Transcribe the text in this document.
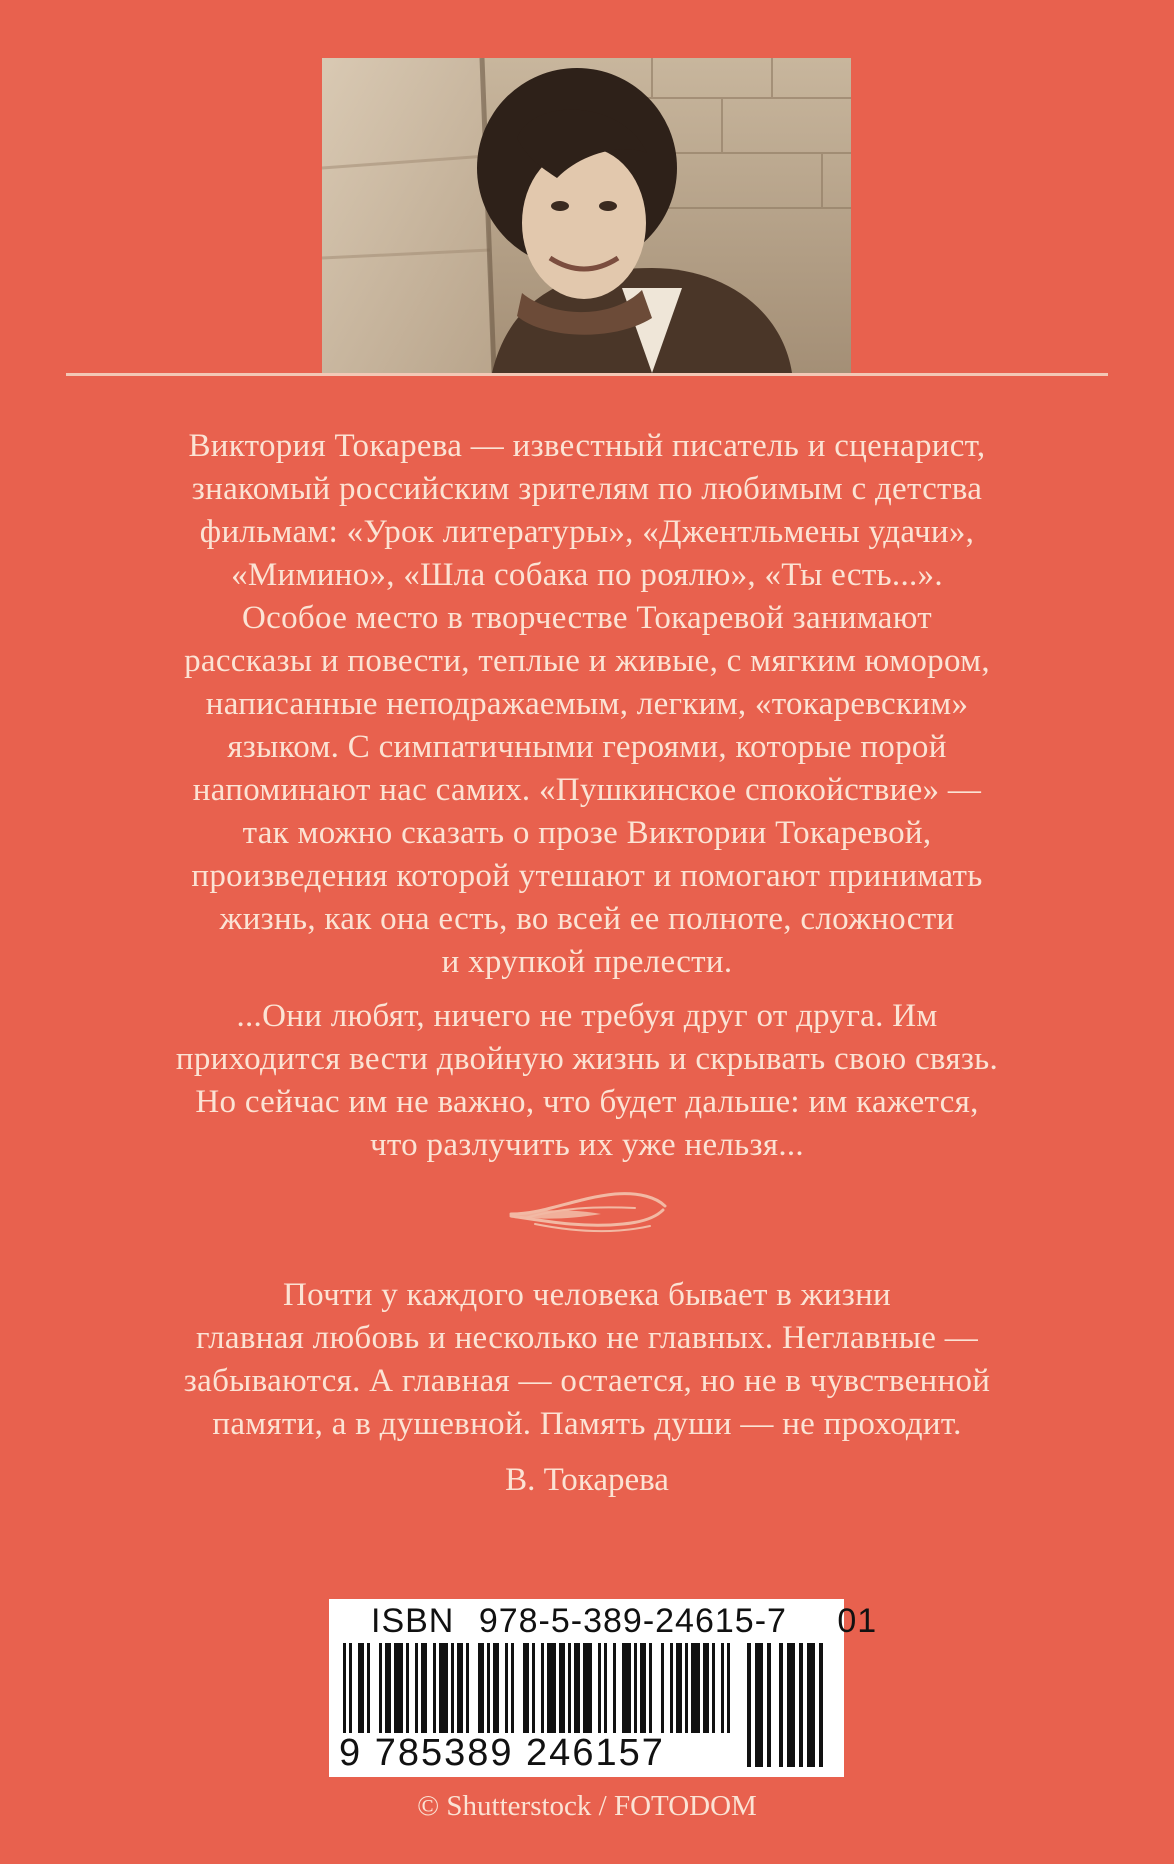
Виктория Токарева — известный писатель и сценарист,
знакомый российским зрителям по любимым с детства
фильмам: «Урок литературы», «Джентльмены удачи»,
«Мимино», «Шла собака по роялю», «Ты есть...».
Особое место в творчестве Токаревой занимают
рассказы и повести, теплые и живые, с мягким юмором,
написанные неподражаемым, легким, «токаревским»
языком. С симпатичными героями, которые порой
напоминают нас самих. «Пушкинское спокойствие» —
так можно сказать о прозе Виктории Токаревой,
произведения которой утешают и помогают принимать
жизнь, как она есть, во всей ее полноте, сложности
и хрупкой прелести.
...Они любят, ничего не требуя друг от друга. Им
приходится вести двойную жизнь и скрывать свою связь.
Но сейчас им не важно, что будет дальше: им кажется,
что разлучить их уже нельзя...
Почти у каждого человека бывает в жизни
главная любовь и несколько не главных. Неглавные —
забываются. А главная — остается, но не в чувственной
памяти, а в душевной. Память души — не проходит.
В. Токарева
ISBN 978-5-389-24615-7 01
9 785389 246157
© Shutterstock / FOTODOM
